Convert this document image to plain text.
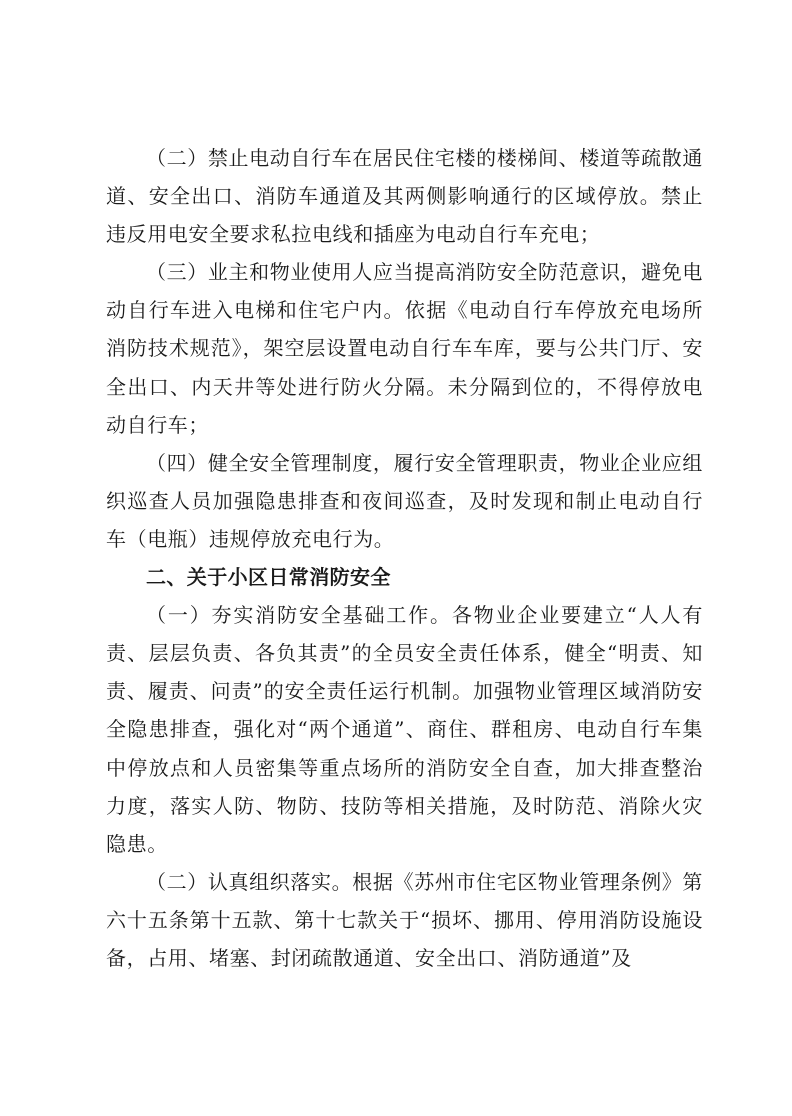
（二）禁止电动自行车在居民住宅楼的楼梯间、楼道等疏散通道、安全出口、消防车通道及其两侧影响通行的区域停放。禁止违反用电安全要求私拉电线和插座为电动自行车充电；

（三）业主和物业使用人应当提高消防安全防范意识，避免电动自行车进入电梯和住宅户内。依据《电动自行车停放充电场所消防技术规范》，架空层设置电动自行车车库，要与公共门厅、安全出口、内天井等处进行防火分隔。未分隔到位的，不得停放电动自行车；

（四）健全安全管理制度，履行安全管理职责，物业企业应组织巡查人员加强隐患排查和夜间巡查，及时发现和制止电动自行车（电瓶）违规停放充电行为。

二、关于小区日常消防安全

（一）夯实消防安全基础工作。各物业企业要建立“人人有责、层层负责、各负其责”的全员安全责任体系，健全“明责、知责、履责、问责”的安全责任运行机制。加强物业管理区域消防安全隐患排查，强化对“两个通道”、商住、群租房、电动自行车集中停放点和人员密集等重点场所的消防安全自查，加大排查整治力度，落实人防、物防、技防等相关措施，及时防范、消除火灾隐患。

（二）认真组织落实。根据《苏州市住宅区物业管理条例》第六十五条第十五款、第十七款关于“损坏、挪用、停用消防设施设备，占用、堵塞、封闭疏散通道、安全出口、消防通道”及
